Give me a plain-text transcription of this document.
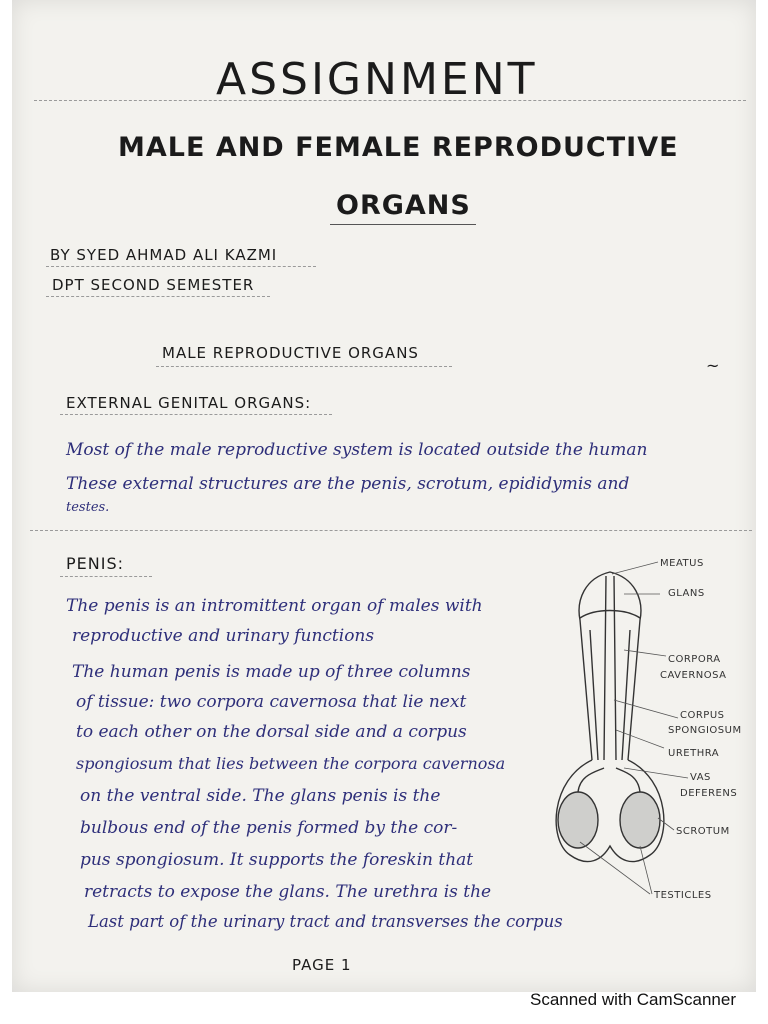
ASSIGNMENT
MALE AND FEMALE REPRODUCTIVE
ORGANS
BY SYED AHMAD ALI KAZMI
DPT SECOND SEMESTER
MALE REPRODUCTIVE ORGANS
~
EXTERNAL GENITAL ORGANS:
Most of the male reproductive system is located outside the human
These external structures are the penis, scrotum, epididymis and
testes.
PENIS:
The penis is an intromittent organ of males with
reproductive and urinary functions
The human penis is made up of three columns
of tissue: two corpora cavernosa that lie next
to each other on the dorsal side and a corpus
spongiosum that lies between the corpora cavernosa
on the ventral side. The glans penis is the
bulbous end of the penis formed by the cor-
pus spongiosum. It supports the foreskin that
retracts to expose the glans. The urethra is the
Last part of the urinary tract and transverses the corpus
MEATUS
GLANS
CORPORA
CAVERNOSA
CORPUS
SPONGIOSUM
URETHRA
VAS
DEFERENS
SCROTUM
TESTICLES
PAGE 1
Scanned with CamScanner
